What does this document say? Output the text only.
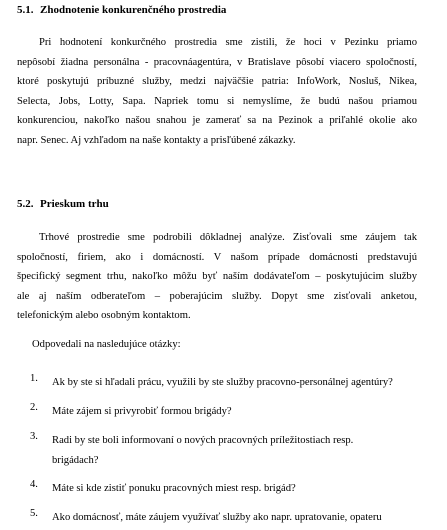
5.1. Zhodnotenie konkurenčného prostredia
Pri hodnotení konkurčného prostredia sme zistili, že hoci v Pezinku priamo
nepôsobí žiadna personálna - pracovnáagentúra, v Bratislave pôsobí viacero spoločností,
ktoré poskytujú príbuzné služby, medzi najväčšie patria: InfoWork, Nosluš, Nikea,
Selecta, Jobs, Lotty, Sapa. Napriek tomu si nemyslíme, že budú našou priamou
konkurenciou, nakoľko našou snahou je zamerať sa na Pezinok a priľahlé okolie ako
napr. Senec. Aj vzhľadom na naše kontakty a prisľúbené zákazky.
5.2. Prieskum trhu
Trhové prostredie sme podrobili dôkladnej analýze. Zisťovali sme záujem tak
spoločností, firiem, ako i domácností. V našom prípade domácnosti predstavujú
špecifický segment trhu, nakoľko môžu byť naším dodávateľom – poskytujúcim služby
ale aj naším odberateľom – poberajúcim služby. Dopyt sme zisťovali anketou,
telefonickým alebo osobným kontaktom.
Odpovedali na nasledujúce otázky:
1. Ak by ste si hľadali prácu, využili by ste služby pracovno-personálnej agentúry?
2. Máte zájem si privyrobiť formou brigády?
3. Radi by ste boli informovaní o nových pracovných príležitostiach resp.
brigádach?
4. Máte si kde zistiť ponuku pracovných miest resp. brigád?
5. Ako domácnosť, máte záujem využívať služby ako napr. upratovanie, opateru
